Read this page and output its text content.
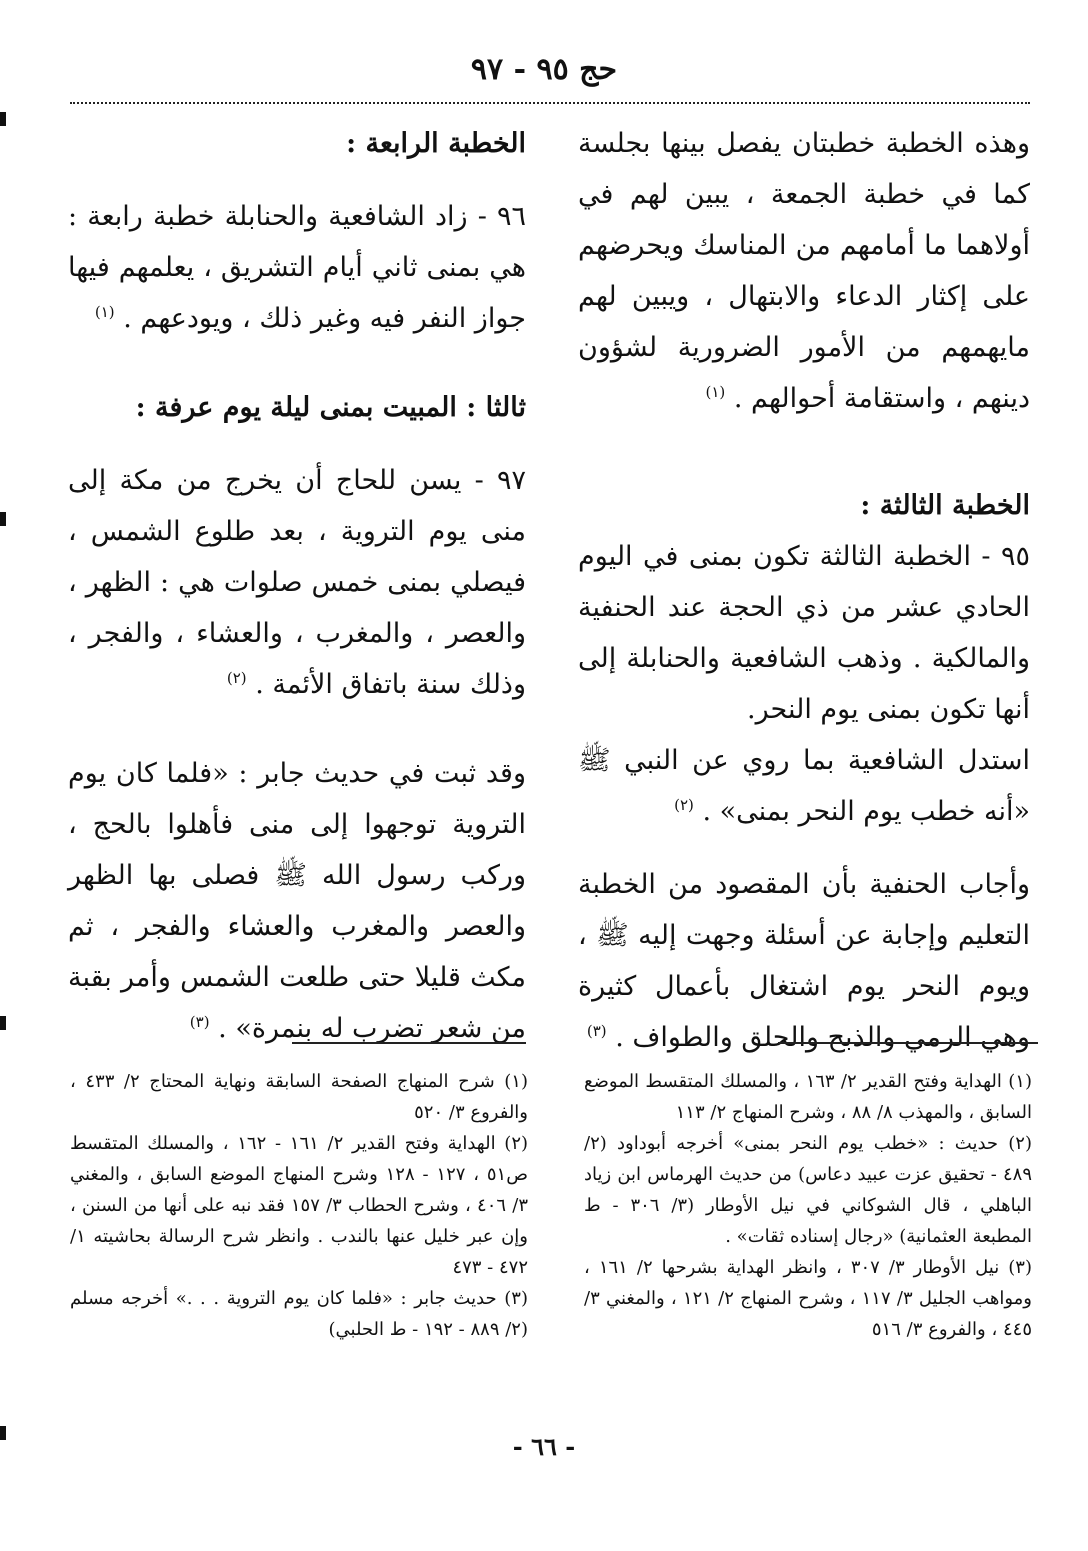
حج ٩٥ - ٩٧

وهذه الخطبة خطبتان يفصل بينها بجلسة كما في خطبة الجمعة ، يبين لهم في أولاهما ما أمامهم من المناسك ويحرضهم على إكثار الدعاء والابتهال ، ويبين لهم مايهمهم من الأمور الضرورية لشؤون دينهم ، واستقامة أحوالهم . $^{(١)}$

الخطبة الثالثة :

٩٥ - الخطبة الثالثة تكون بمنى في اليوم الحادي عشر من ذي الحجة عند الحنفية والمالكية . وذهب الشافعية والحنابلة إلى أنها تكون بمنى يوم النحر.

استدل الشافعية بما روي عن النبي ﷺ «أنه خطب يوم النحر بمنى» . $^{(٢)}$

وأجاب الحنفية بأن المقصود من الخطبة التعليم وإجابة عن أسئلة وجهت إليه ﷺ ، ويوم النحر يوم اشتغال بأعمال كثيرة وهي الرمي والذبح والحلق والطواف . $^{(٣)}$

الخطبة الرابعة :

٩٦ - زاد الشافعية والحنابلة خطبة رابعة : هي بمنى ثاني أيام التشريق ، يعلمهم فيها جواز النفر فيه وغير ذلك ، ويودعهم . $^{(١)}$

ثالثا : المبيت بمنى ليلة يوم عرفة :

٩٧ - يسن للحاج أن يخرج من مكة إلى منى يوم التروية ، بعد طلوع الشمس ، فيصلي بمنى خمس صلوات هي : الظهر ، والعصر ، والمغرب ، والعشاء ، والفجر ، وذلك سنة باتفاق الأئمة . $^{(٢)}$

وقد ثبت في حديث جابر : «فلما كان يوم التروية توجهوا إلى منى فأهلوا بالحج ، وركب رسول الله ﷺ فصلى بها الظهر والعصر والمغرب والعشاء والفجر ، ثم مكث قليلا حتى طلعت الشمس وأمر بقبة من شعر تضرب له بنمرة» . $^{(٣)}$

(١) الهداية وفتح القدير ٢/ ١٦٣ ، والمسلك المتقسط الموضع السابق ، والمهذب ٨/ ٨٨ ، وشرح المنهاج ٢/ ١١٣

(٢) حديث : «خطب يوم النحر بمنى» أخرجه أبوداود (٢/ ٤٨٩ - تحقيق عزت عبيد دعاس) من حديث الهرماس ابن زياد الباهلي ، قال الشوكاني في نيل الأوطار (٣/ ٣٠٦ - ط المطبعة العثمانية) «رجال إسناده ثقات» .

(٣) نيل الأوطار ٣/ ٣٠٧ ، وانظر الهداية بشرحها ٢/ ١٦١ ، ومواهب الجليل ٣/ ١١٧ ، وشرح المنهاج ٢/ ١٢١ ، والمغني ٣/ ٤٤٥ ، والفروع ٣/ ٥١٦

(١) شرح المنهاج الصفحة السابقة ونهاية المحتاج ٢/ ٤٣٣ ، والفروع ٣/ ٥٢٠

(٢) الهداية وفتح القدير ٢/ ١٦١ - ١٦٢ ، والمسلك المتقسط ص٥١ ، ١٢٧ - ١٢٨ وشرح المنهاج الموضع السابق ، والمغني ٣/ ٤٠٦ ، وشرح الحطاب ٣/ ١٥٧ فقد نبه على أنها من السنن ، وإن عبر خليل عنها بالندب . وانظر شرح الرسالة بحاشيته ١/ ٤٧٢ - ٤٧٣

(٣) حديث جابر : «فلما كان يوم التروية . . .» أخرجه مسلم (٢/ ٨٨٩ - ١٩٢ - ط الحلبي)

- ٦٦ -
